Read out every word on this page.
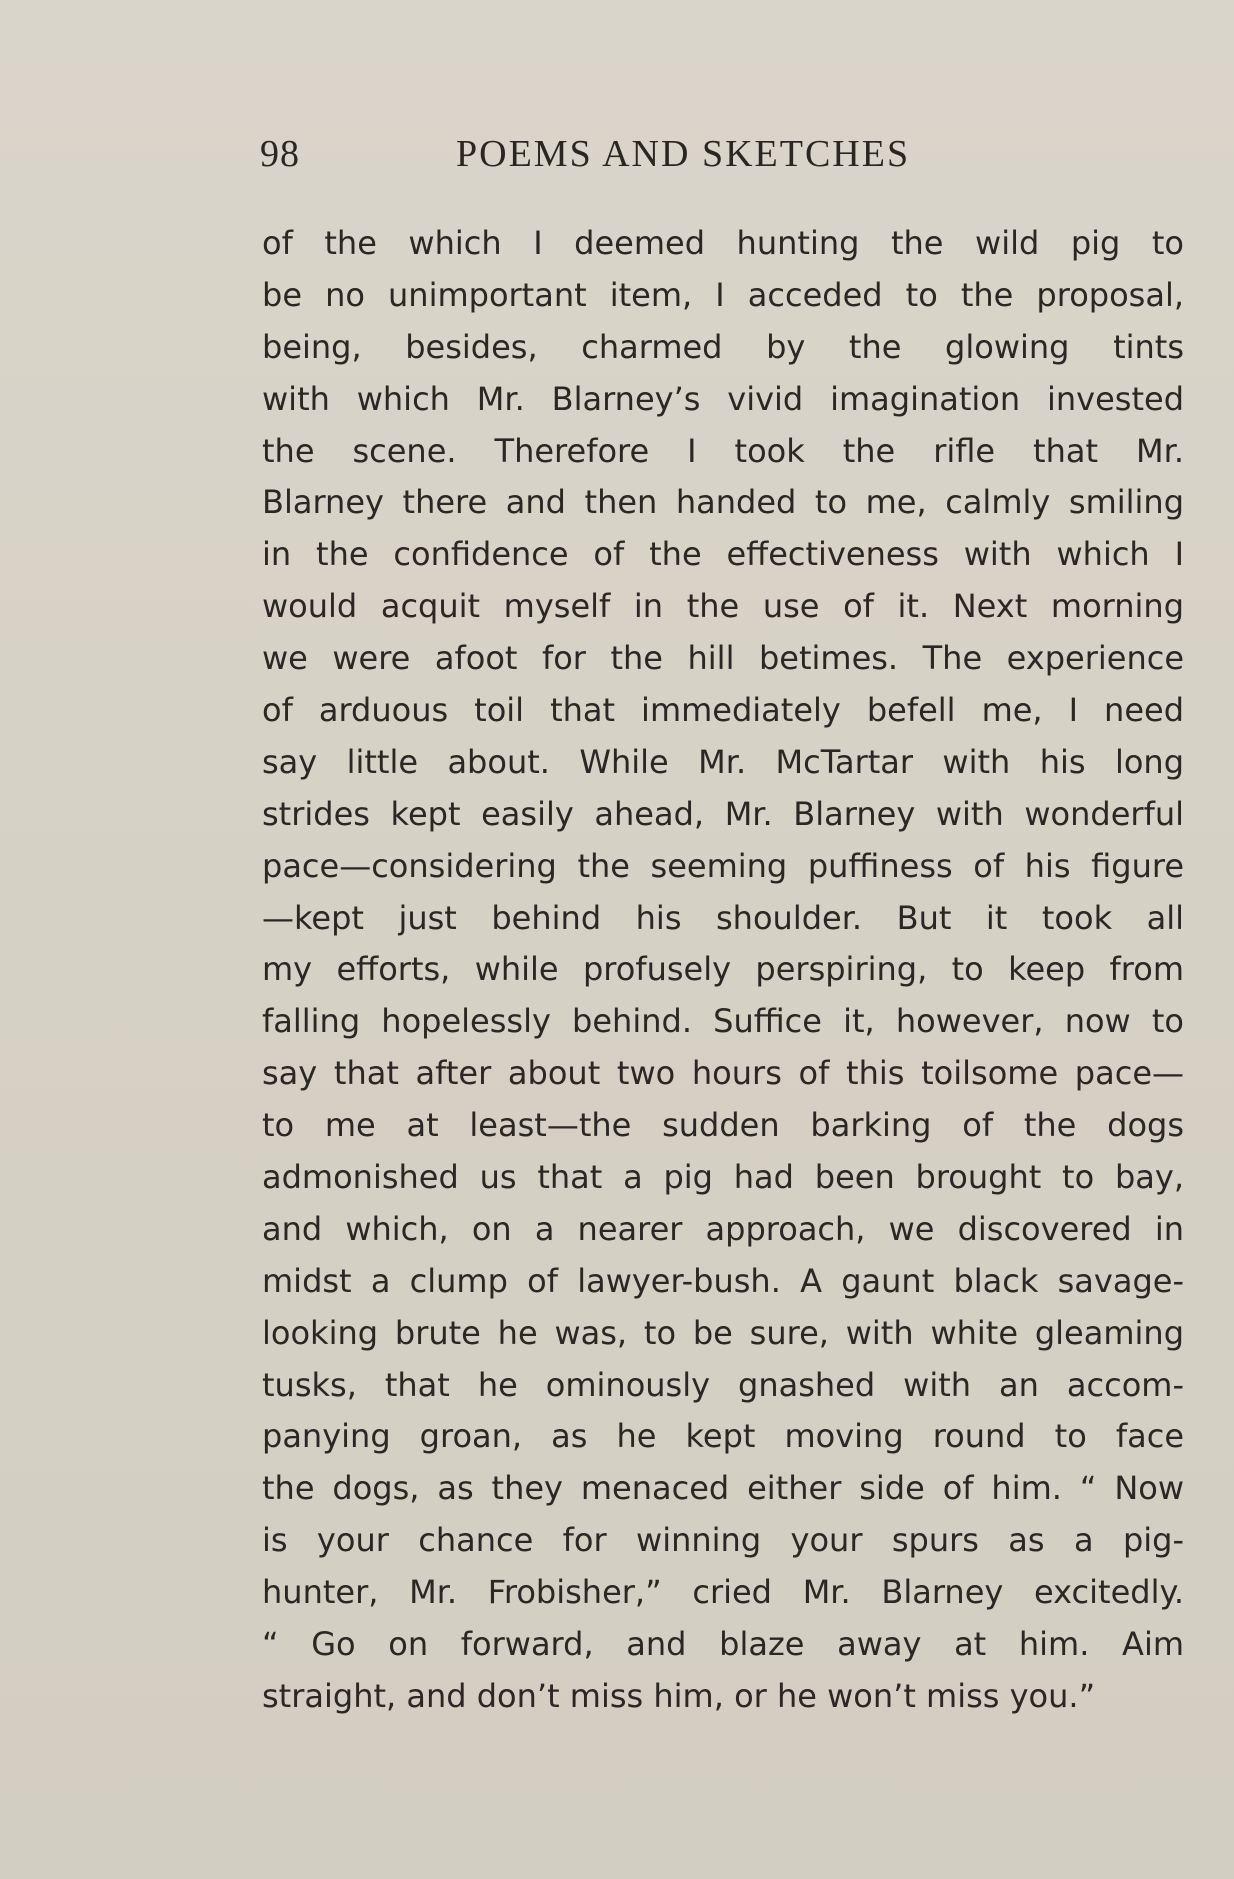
98	POEMS AND SKETCHES
of the which I deemed hunting the wild pig to
be no unimportant item, I acceded to the proposal,
being, besides, charmed by the glowing tints
with which Mr. Blarney’s vivid imagination invested
the scene. Therefore I took the rifle that Mr.
Blarney there and then handed to me, calmly smiling
in the confidence of the effectiveness with which I
would acquit myself in the use of it. Next morning
we were afoot for the hill betimes. The experience
of arduous toil that immediately befell me, I need
say little about. While Mr. McTartar with his long
strides kept easily ahead, Mr. Blarney with wonderful
pace—considering the seeming puffiness of his figure
—kept just behind his shoulder. But it took all
my efforts, while profusely perspiring, to keep from
falling hopelessly behind. Suffice it, however, now to
say that after about two hours of this toilsome pace—
to me at least—the sudden barking of the dogs
admonished us that a pig had been brought to bay,
and which, on a nearer approach, we discovered in
midst a clump of lawyer-bush. A gaunt black savage-
looking brute he was, to be sure, with white gleaming
tusks, that he ominously gnashed with an accom-
panying groan, as he kept moving round to face
the dogs, as they menaced either side of him. “ Now
is your chance for winning your spurs as a pig-
hunter, Mr. Frobisher,” cried Mr. Blarney excitedly.
“ Go on forward, and blaze away at him. Aim
straight, and don’t miss him, or he won’t miss you.”
